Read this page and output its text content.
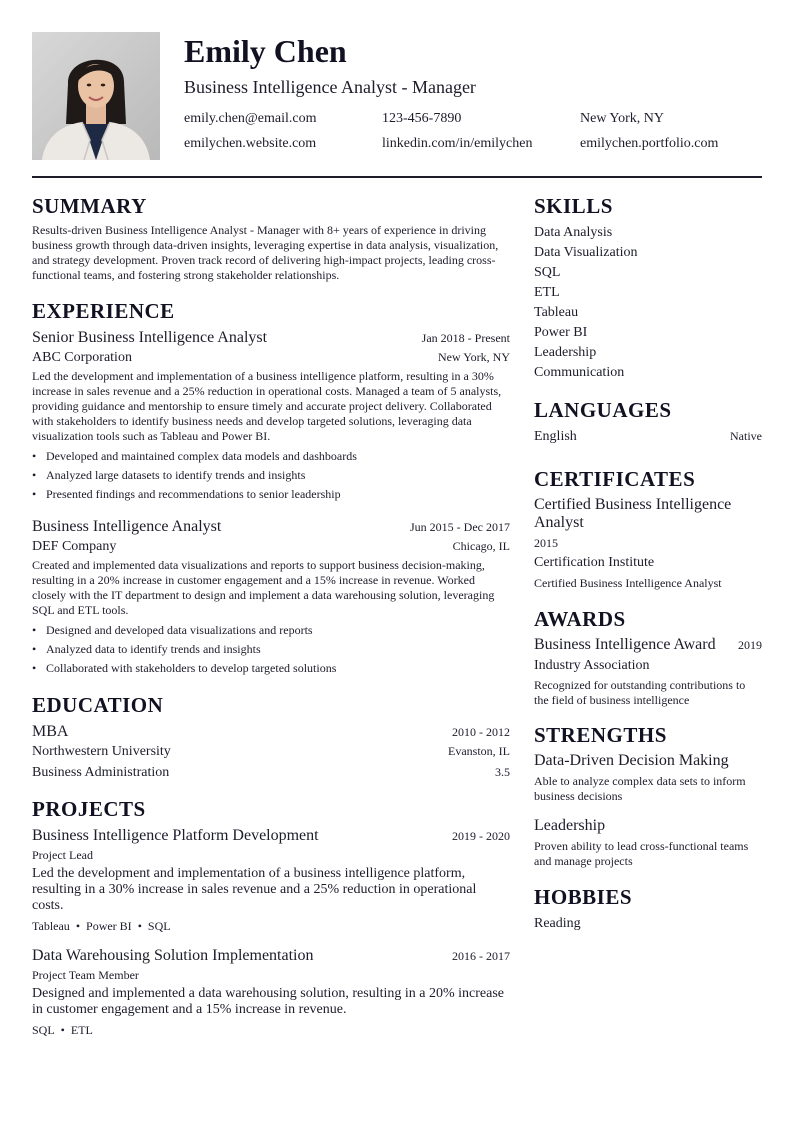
Emily Chen
Business Intelligence Analyst - Manager
emily.chen@email.com	123-456-7890	New York, NY
emilychen.website.com	linkedin.com/in/emilychen	emilychen.portfolio.com
SUMMARY
Results-driven Business Intelligence Analyst - Manager with 8+ years of experience in driving business growth through data-driven insights, leveraging expertise in data analysis, visualization, and strategy development. Proven track record of delivering high-impact projects, leading cross-functional teams, and fostering strong stakeholder relationships.
EXPERIENCE
Senior Business Intelligence Analyst	Jan 2018 - Present
ABC Corporation	New York, NY
Led the development and implementation of a business intelligence platform, resulting in a 30% increase in sales revenue and a 25% reduction in operational costs. Managed a team of 5 analysts, providing guidance and mentorship to ensure timely and accurate project delivery. Collaborated with stakeholders to identify business needs and develop targeted solutions, leveraging data visualization tools such as Tableau and Power BI.
• Developed and maintained complex data models and dashboards
• Analyzed large datasets to identify trends and insights
• Presented findings and recommendations to senior leadership
Business Intelligence Analyst	Jun 2015 - Dec 2017
DEF Company	Chicago, IL
Created and implemented data visualizations and reports to support business decision-making, resulting in a 20% increase in customer engagement and a 15% increase in revenue. Worked closely with the IT department to design and implement a data warehousing solution, leveraging SQL and ETL tools.
• Designed and developed data visualizations and reports
• Analyzed data to identify trends and insights
• Collaborated with stakeholders to develop targeted solutions
EDUCATION
MBA	2010 - 2012
Northwestern University	Evanston, IL
Business Administration	3.5
PROJECTS
Business Intelligence Platform Development	2019 - 2020
Project Lead
Led the development and implementation of a business intelligence platform, resulting in a 30% increase in sales revenue and a 25% reduction in operational costs.
Tableau • Power BI • SQL
Data Warehousing Solution Implementation	2016 - 2017
Project Team Member
Designed and implemented a data warehousing solution, resulting in a 20% increase in customer engagement and a 15% increase in revenue.
SQL • ETL
SKILLS
Data Analysis
Data Visualization
SQL
ETL
Tableau
Power BI
Leadership
Communication
LANGUAGES
English	Native
CERTIFICATES
Certified Business Intelligence Analyst
2015
Certification Institute
Certified Business Intelligence Analyst
AWARDS
Business Intelligence Award 2019
Industry Association
Recognized for outstanding contributions to the field of business intelligence
STRENGTHS
Data-Driven Decision Making
Able to analyze complex data sets to inform business decisions
Leadership
Proven ability to lead cross-functional teams and manage projects
HOBBIES
Reading
